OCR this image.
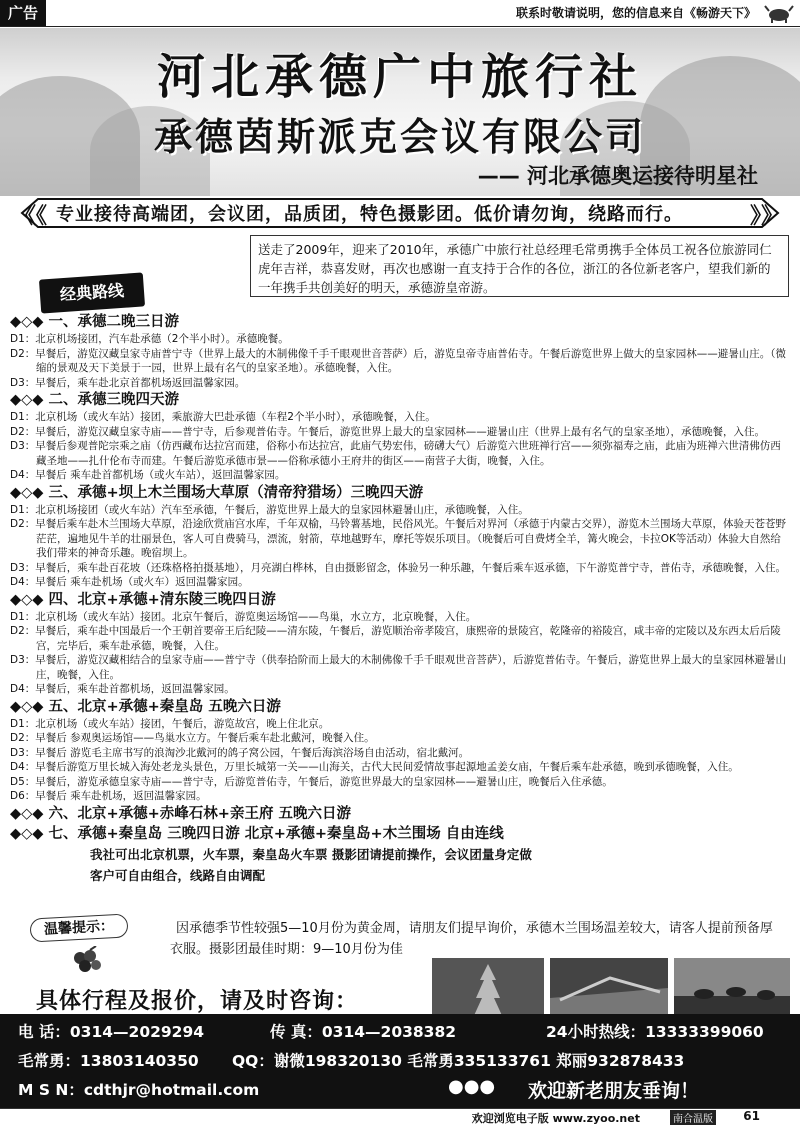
广告	联系时敬请说明，您的信息来自《畅游天下》
河北承德广中旅行社
承德茵斯派克会议有限公司
—— 河北承德奥运接待明星社
《《 专业接待高端团，会议团，品质团，特色摄影团。低价请勿询，绕路而行。	》》
送走了2009年，迎来了2010年，承德广中旅行社总经理毛常勇携手全体员工祝各位旅游同仁虎年吉祥，恭喜发财，再次也感谢一直支持于合作的各位，浙江的各位新老客户，望我们新的一年携手共创美好的明天，承德游皇帝游。
经典路线

◆◇◆ 一、承德二晚三日游

D1：北京机场接团，汽车赴承德（2个半小时）。承德晚餐。

D2：早餐后，游览汉藏皇家寺庙普宁寺（世界上最大的木制佛像千手千眼观世音菩萨）后，游览皇帝寺庙普佑寺。午餐后游览世界上做大的皇家园林——避暑山庄。（微缩的景观及天下美景于一园，世界上最有名气的皇家圣地）。承德晚餐，入住。

D3：早餐后，乘车赴北京首都机场返回温馨家园。

◆◇◆ 二、承德三晚四天游

D1：北京机场（或火车站）接团，乘旅游大巴赴承德（车程2个半小时），承德晚餐，入住。

D2：早餐后，游览汉藏皇家寺庙——普宁寺，后参观普佑寺。午餐后，游览世界上最大的皇家园林——避暑山庄（世界上最有名气的皇家圣地），承德晚餐，入住。

D3：早餐后参观普陀宗乘之庙（仿西藏布达拉宫而建，俗称小布达拉宫，此庙气势宏伟，磅礴大气）后游览六世班禅行宫——须弥福寿之庙，此庙为班禅六世清佛仿西藏圣地——扎什伦布寺而建。午餐后游览承德市景——俗称承德小王府井的街区——南营子大街，晚餐，入住。

D4：早餐后 乘车赴首都机场（或火车站），返回温馨家园。

◆◇◆ 三、承德+坝上木兰围场大草原（清帝狩猎场）三晚四天游

D1：北京机场接团（或火车站）汽车至承德，午餐后，游览世界上最大的皇家园林避暑山庄，承德晚餐，入住。

D2：早餐后乘车赴木兰围场大草原，沿途欣赏庙宫水库，千年双榆，马铃薯基地，民俗风光。午餐后对界河（承德于内蒙古交界），游览木兰围场大草原，体验天苍苍野茫茫，遍地见牛羊的壮丽景色，客人可自费骑马，漂流，射箭，草地越野车，摩托等娱乐项目。（晚餐后可自费烤全羊，篝火晚会，卡拉OK等活动）体验大自然给我们带来的神奇乐趣。晚宿坝上。

D3：早餐后，乘车赴百花坡（还珠格格拍摄基地），月亮湖白桦林，自由摄影留念，体验另一种乐趣，午餐后乘车返承德，下午游览普宁寺，普佑寺，承德晚餐，入住。

D4：早餐后 乘车赴机场（或火车）返回温馨家园。

◆◇◆ 四、北京+承德+清东陵三晚四日游

D1：北京机场（或火车站）接团。北京午餐后，游览奥运场馆——鸟巢，水立方，北京晚餐，入住。

D2：早餐后，乘车赴中国最后一个王朝首要帝王后纪陵——清东陵，午餐后，游览顺治帝孝陵宫，康熙帝的景陵宫，乾隆帝的裕陵宫，咸丰帝的定陵以及东西太后后陵宫，完毕后，乘车赴承德，晚餐，入住。

D3：早餐后，游览汉藏相结合的皇家寺庙——普宁寺（供奉拾阶而上最大的木制佛像千手千眼观世音菩萨），后游览普佑寺。午餐后，游览世界上最大的皇家园林避暑山庄，晚餐，入住。

D4：早餐后，乘车赴首都机场，返回温馨家园。

◆◇◆ 五、北京+承德+秦皇岛 五晚六日游

D1：北京机场（或火车站）接团，午餐后，游览故宫，晚上住北京。

D2：早餐后 参观奥运场馆——鸟巢水立方。午餐后乘车赴北戴河，晚餐入住。

D3：早餐后 游览毛主席书写的浪淘沙北戴河的鸽子窝公园，午餐后海滨浴场自由活动，宿北戴河。

D4：早餐后游览万里长城入海处老龙头景色，万里长城第一关——山海关，古代大民间爱情故事起源地孟姜女庙，午餐后乘车赴承德，晚到承德晚餐，入住。

D5：早餐后，游览承德皇家寺庙——普宁寺，后游览普佑寺，午餐后，游览世界最大的皇家园林——避暑山庄，晚餐后入住承德。

D6：早餐后 乘车赴机场，返回温馨家园。

◆◇◆ 六、北京+承德+赤峰石林+亲王府 五晚六日游

◆◇◆ 七、承德+秦皇岛 三晚四日游 北京+承德+秦皇岛+木兰围场 自由连线

我社可出北京机票，火车票，秦皇岛火车票 摄影团请提前操作，会议团量身定做

客户可自由组合，线路自由调配

温馨提示：	因承德季节性较强5—10月份为黄金周，请朋友们提早询价，承德木兰围场温差较大，请客人提前预备厚衣服。摄影团最佳时期：9—10月份为佳
具体行程及报价，请及时咨询：
电 话：0314—2029294	传 真：0314—2038382	24小时热线：13333399060
毛常勇：13803140350 QQ：谢微198320130 毛常勇335133761 郑丽932878433
M S N：cdthjr@hotmail.com	●●● 欢迎新老朋友垂询！
欢迎浏览电子版 www.zyoo.net	南合温版	61
